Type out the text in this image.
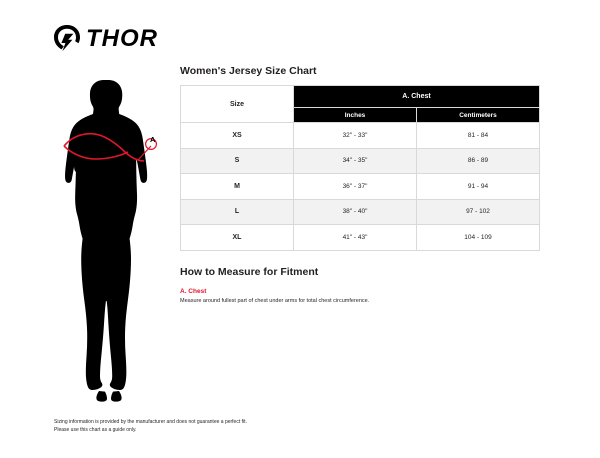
THOR
A
Women's Jersey Size Chart
Size	A. Chest	
	Inches	Centimeters
XS	32" - 33"	81 - 84
S	34" - 35"	86 - 89
M	36" - 37"	91 - 94
L	38" - 40"	97 - 102
XL	41" - 43"	104 - 109
How to Measure for Fitment
A. Chest
Measure around fullest part of chest under arms for total chest circumference.
Sizing information is provided by the manufacturer and does not guarantee a perfect fit.
Please use this chart as a guide only.
